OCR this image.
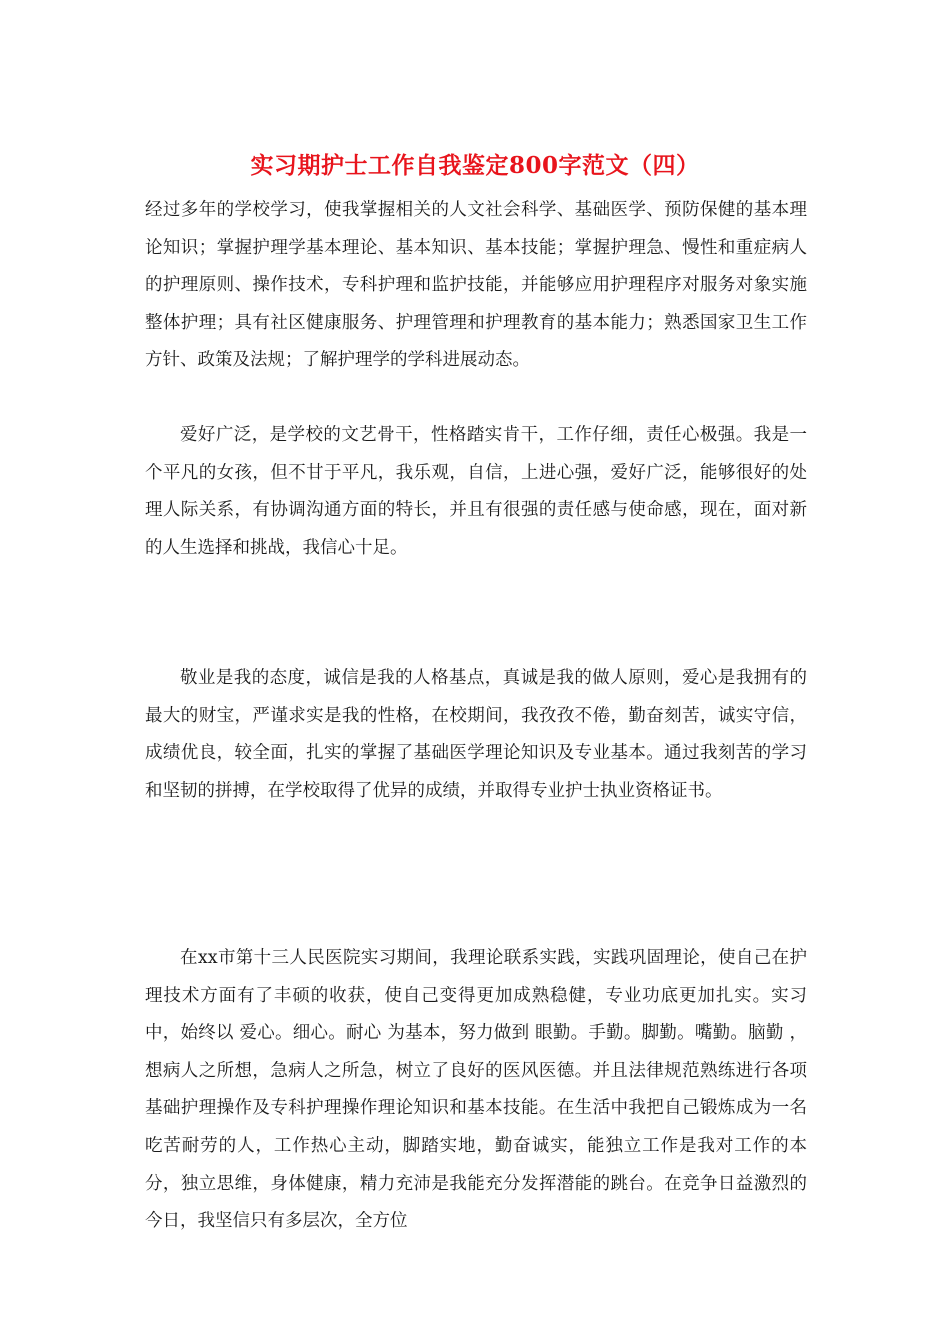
实习期护士工作自我鉴定800字范文（四）

经过多年的学校学习，使我掌握相关的人文社会科学、基础医学、预防保健的基本理论知识；掌握护理学基本理论、基本知识、基本技能；掌握护理急、慢性和重症病人的护理原则、操作技术，专科护理和监护技能，并能够应用护理程序对服务对象实施整体护理；具有社区健康服务、护理管理和护理教育的基本能力；熟悉国家卫生工作方针、政策及法规；了解护理学的学科进展动态。

爱好广泛，是学校的文艺骨干，性格踏实肯干，工作仔细，责任心极强。我是一个平凡的女孩，但不甘于平凡，我乐观，自信，上进心强，爱好广泛，能够很好的处理人际关系，有协调沟通方面的特长，并且有很强的责任感与使命感，现在，面对新的人生选择和挑战，我信心十足。

敬业是我的态度，诚信是我的人格基点，真诚是我的做人原则，爱心是我拥有的最大的财宝，严谨求实是我的性格，在校期间，我孜孜不倦，勤奋刻苦，诚实守信，成绩优良，较全面，扎实的掌握了基础医学理论知识及专业基本。通过我刻苦的学习和坚韧的拼搏，在学校取得了优异的成绩，并取得专业护士执业资格证书。

在xx市第十三人民医院实习期间，我理论联系实践，实践巩固理论，使自己在护理技术方面有了丰硕的收获，使自己变得更加成熟稳健，专业功底更加扎实。实习中，始终以 爱心。细心。耐心 为基本，努力做到 眼勤。手勤。脚勤。嘴勤。脑勤 ，想病人之所想，急病人之所急，树立了良好的医风医德。并且法律规范熟练进行各项基础护理操作及专科护理操作理论知识和基本技能。在生活中我把自己锻炼成为一名吃苦耐劳的人，工作热心主动，脚踏实地，勤奋诚实，能独立工作是我对工作的本分，独立思维，身体健康，精力充沛是我能充分发挥潜能的跳台。在竞争日益激烈的今日，我坚信只有多层次，全方位
